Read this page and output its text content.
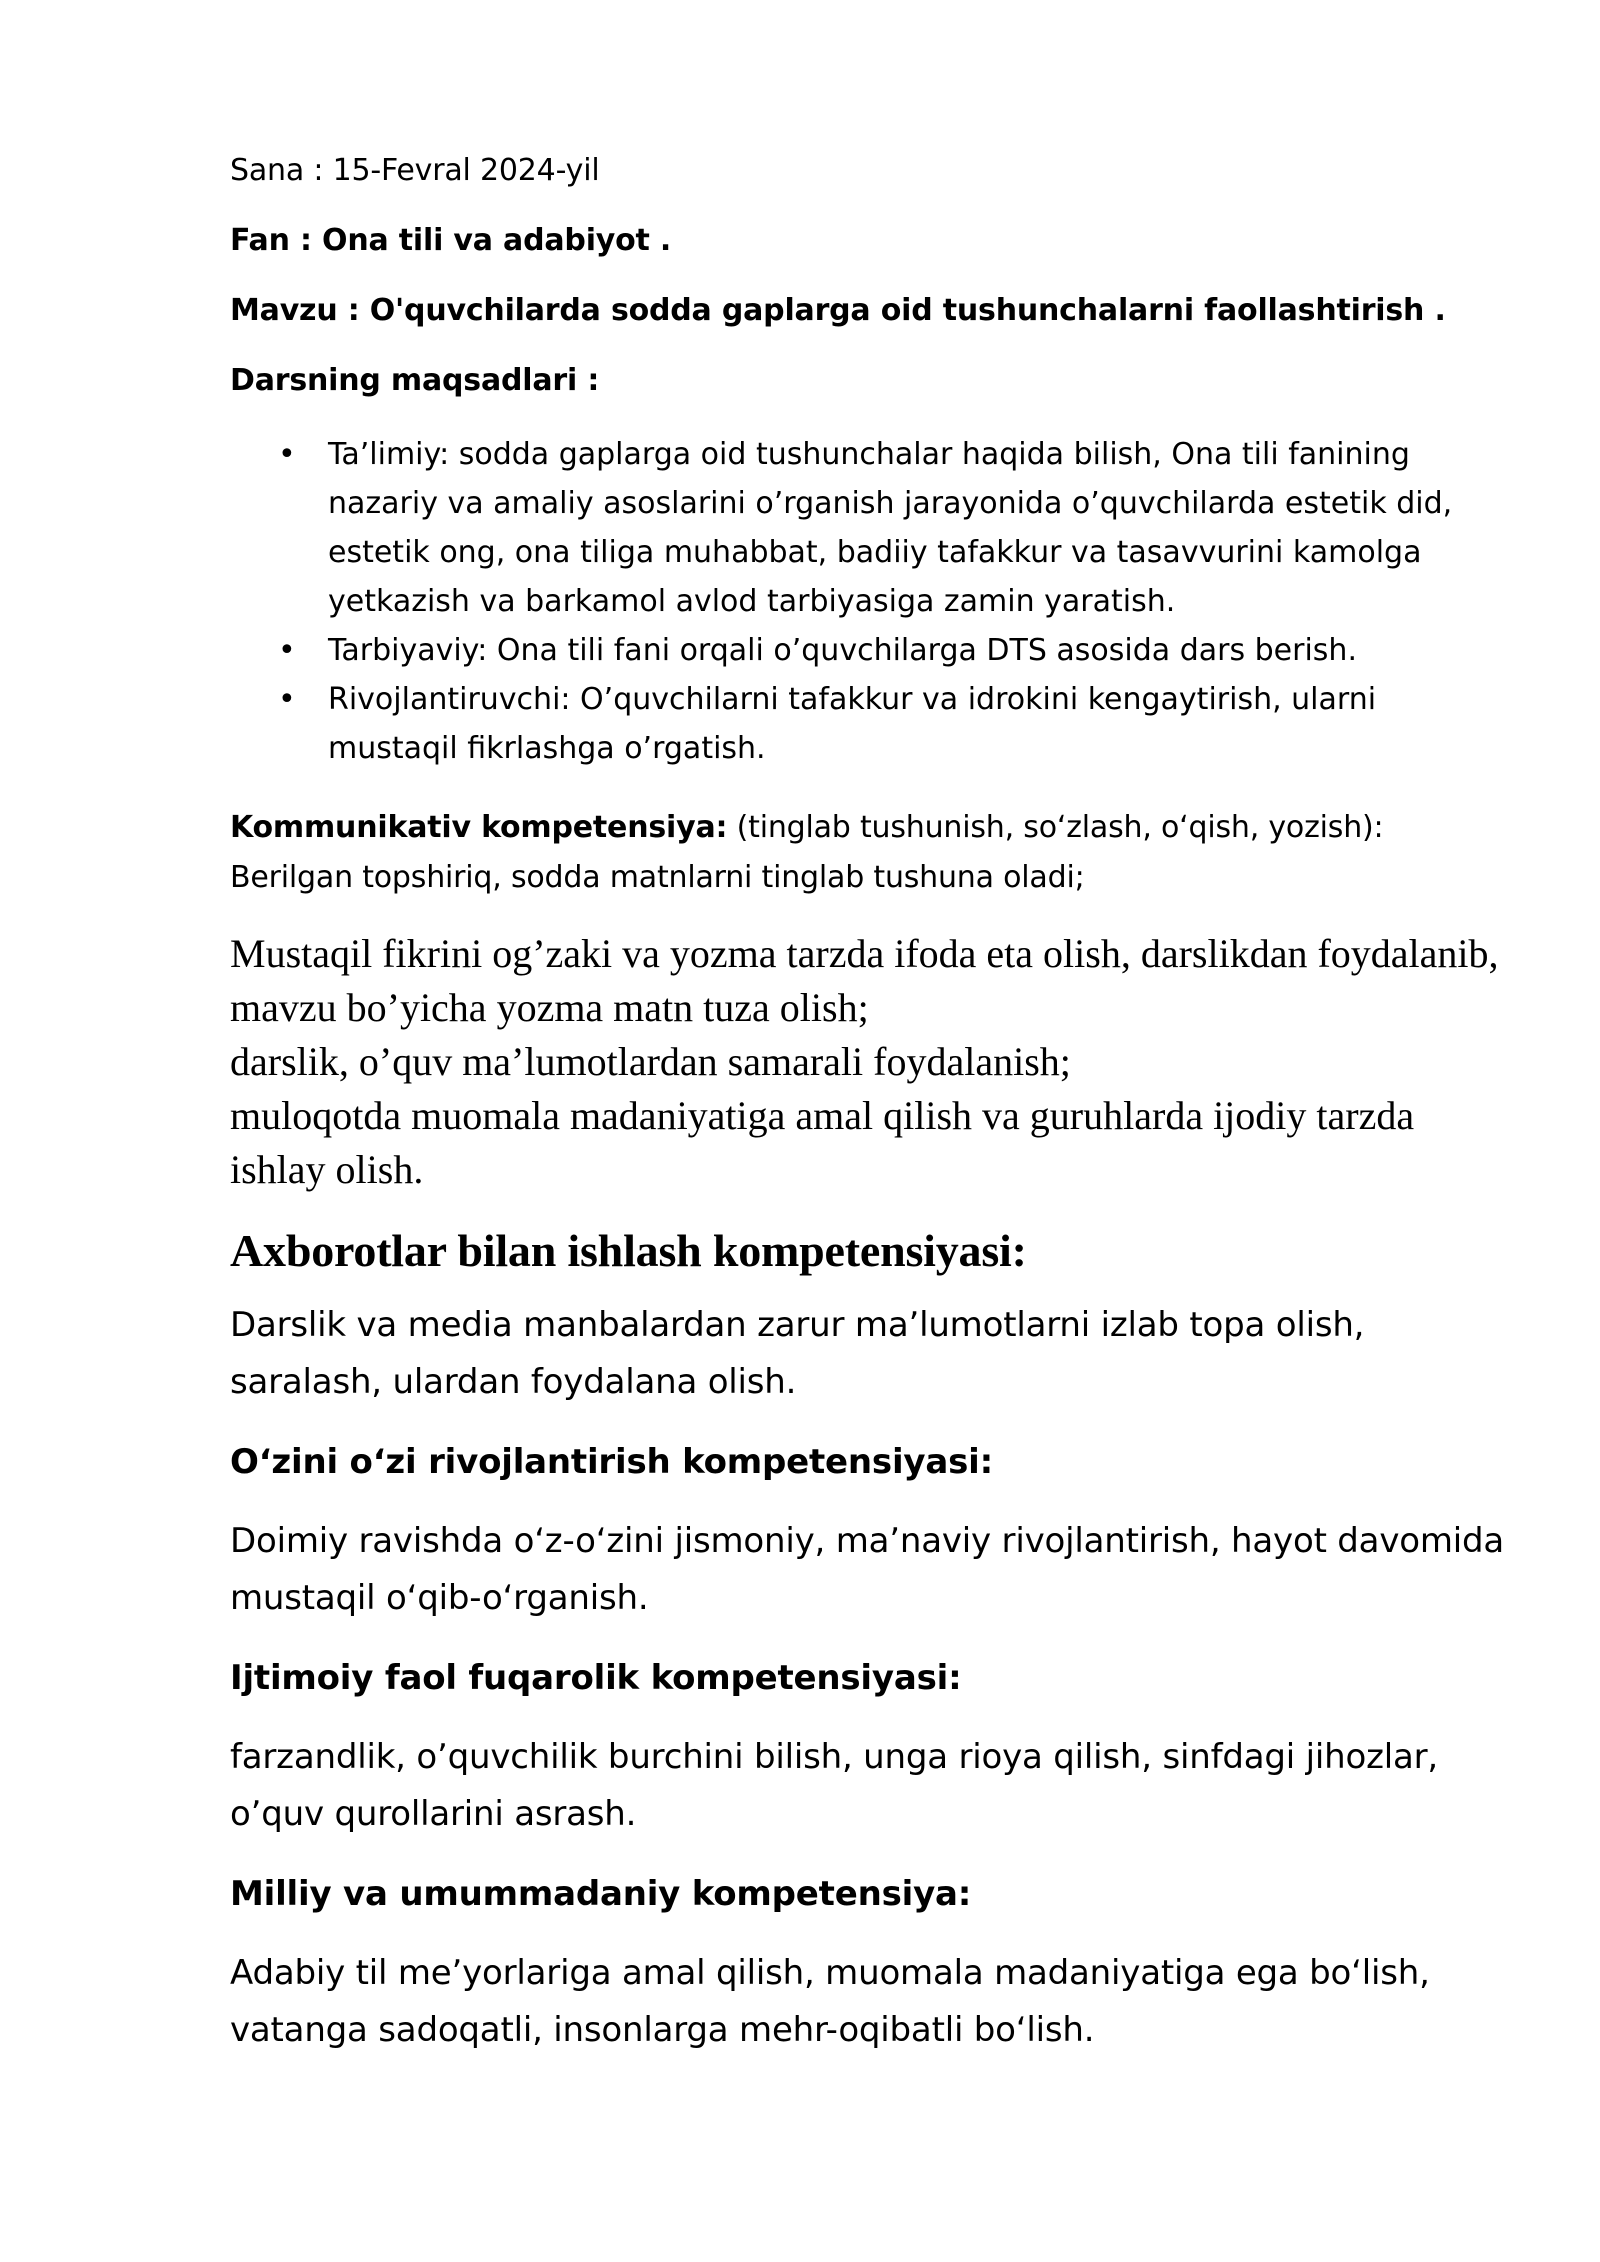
Sana : 15-Fevral 2024-yil

Fan : Ona tili va adabiyot .

Mavzu : O'quvchilarda sodda gaplarga oid tushunchalarni faollashtirish .

Darsning maqsadlari :

• Ta’limiy: sodda gaplarga oid tushunchalar haqida bilish, Ona tili fanining nazariy va amaliy asoslarini o’rganish jarayonida o’quvchilarda estetik did, estetik ong, ona tiliga muhabbat, badiiy tafakkur va tasavvurini kamolga yetkazish va barkamol avlod tarbiyasiga zamin yaratish.
• Tarbiyaviy: Ona tili fani orqali o’quvchilarga DTS asosida dars berish.
• Rivojlantiruvchi: O’quvchilarni tafakkur va idrokini kengaytirish, ularni mustaqil fikrlashga o’rgatish.

Kommunikativ kompetensiya: (tinglab tushunish, so‘zlash, o‘qish, yozish):
Berilgan topshiriq, sodda matnlarni tinglab tushuna oladi;

Mustaqil fikrini og’zaki va yozma tarzda ifoda eta olish, darslikdan foydalanib, mavzu bo’yicha yozma matn tuza olish;

darslik, o’quv ma’lumotlardan samarali foydalanish;

muloqotda muomala madaniyatiga amal qilish va guruhlarda ijodiy tarzda ishlay olish.

Axborotlar bilan ishlash kompetensiyasi:

Darslik va media manbalardan zarur ma’lumotlarni izlab topa olish, saralash, ulardan foydalana olish.

O‘zini o‘zi rivojlantirish kompetensiyasi:

Doimiy ravishda o‘z-o‘zini jismoniy, ma’naviy rivojlantirish, hayot davomida mustaqil o‘qib-o‘rganish.

Ijtimoiy faol fuqarolik kompetensiyasi:

farzandlik, o’quvchilik burchini bilish, unga rioya qilish, sinfdagi jihozlar, o’quv qurollarini asrash.

Milliy va umummadaniy kompetensiya:

Adabiy til me’yorlariga amal qilish, muomala madaniyatiga ega bo‘lish, vatanga sadoqatli, insonlarga mehr-oqibatli bo‘lish.
